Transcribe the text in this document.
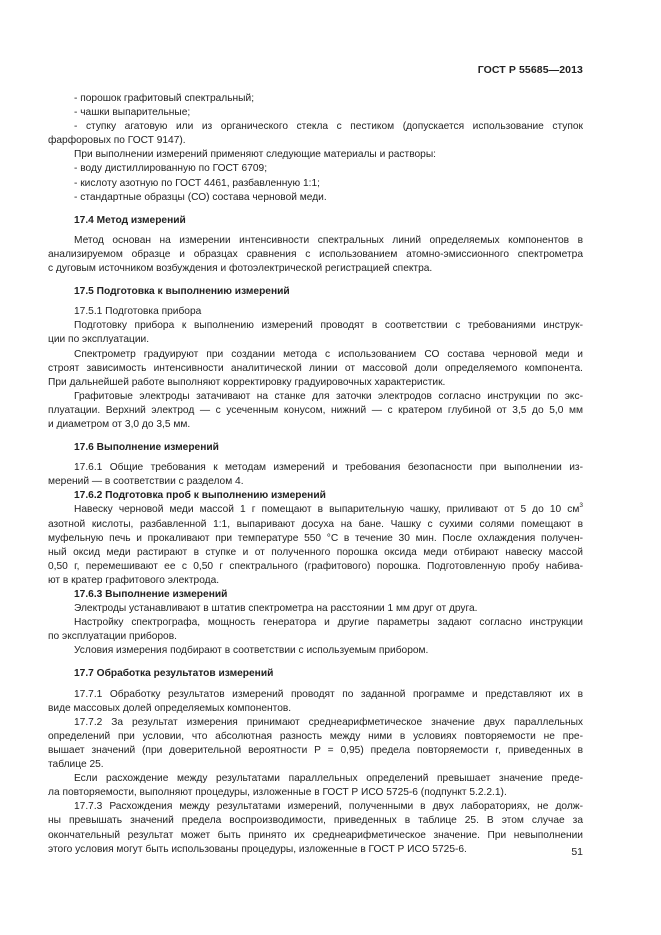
ГОСТ Р 55685—2013

- порошок графитовый спектральный;

- чашки выпарительные;

- ступку агатовую или из органического стекла с пестиком (допускается использование ступок

фарфоровых по ГОСТ 9147).

При выполнении измерений применяют следующие материалы и растворы:

- воду дистиллированную по ГОСТ 6709;

- кислоту азотную по ГОСТ 4461, разбавленную 1:1;

- стандартные образцы (СО) состава черновой меди.

17.4 Метод измерений

Метод основан на измерении интенсивности спектральных линий определяемых компонентов в

анализируемом образце и образцах сравнения с использованием атомно-эмиссионного спектрометра

с дуговым источником возбуждения и фотоэлектрической регистрацией спектра.

17.5 Подготовка к выполнению измерений

17.5.1 Подготовка прибора

Подготовку прибора к выполнению измерений проводят в соответствии с требованиями инструк-

ции по эксплуатации.

Спектрометр градуируют при создании метода с использованием СО состава черновой меди и

строят зависимость интенсивности аналитической линии от массовой доли определяемого компонента.

При дальнейшей работе выполняют корректировку градуировочных характеристик.

Графитовые электроды затачивают на станке для заточки электродов согласно инструкции по экс-

плуатации. Верхний электрод — с усеченным конусом, нижний — с кратером глубиной от 3,5 до 5,0 мм

и диаметром от 3,0 до 3,5 мм.

17.6 Выполнение измерений

17.6.1 Общие требования к методам измерений и требования безопасности при выполнении из-

мерений — в соответствии с разделом 4.

17.6.2 Подготовка проб к выполнению измерений

Навеску черновой меди массой 1 г помещают в выпарительную чашку, приливают от 5 до 10 $см^3$

азотной кислоты, разбавленной 1:1, выпаривают досуха на бане. Чашку с сухими солями помещают в

муфельную печь и прокаливают при температуре 550 °С в течение 30 мин. После охлаждения получен-

ный оксид меди растирают в ступке и от полученного порошка оксида меди отбирают навеску массой

0,50 г, перемешивают ее с 0,50 г спектрального (графитового) порошка. Подготовленную пробу набива-

ют в кратер графитового электрода.

17.6.3 Выполнение измерений

Электроды устанавливают в штатив спектрометра на расстоянии 1 мм друг от друга.

Настройку спектрографа, мощность генератора и другие параметры задают согласно инструкции

по эксплуатации приборов.

Условия измерения подбирают в соответствии с используемым прибором.

17.7 Обработка результатов измерений

17.7.1 Обработку результатов измерений проводят по заданной программе и представляют их в

виде массовых долей определяемых компонентов.

17.7.2 За результат измерения принимают среднеарифметическое значение двух параллельных

определений при условии, что абсолютная разность между ними в условиях повторяемости не пре-

вышает значений (при доверительной вероятности P = 0,95) предела повторяемости r, приведенных в

таблице 25.

Если расхождение между результатами параллельных определений превышает значение преде-

ла повторяемости, выполняют процедуры, изложенные в ГОСТ Р ИСО 5725-6 (подпункт 5.2.2.1).

17.7.3 Расхождения между результатами измерений, полученными в двух лабораториях, не долж-

ны превышать значений предела воспроизводимости, приведенных в таблице 25. В этом случае за

окончательный результат может быть принято их среднеарифметическое значение. При невыполнении

этого условия могут быть использованы процедуры, изложенные в ГОСТ Р ИСО 5725-6.	51
